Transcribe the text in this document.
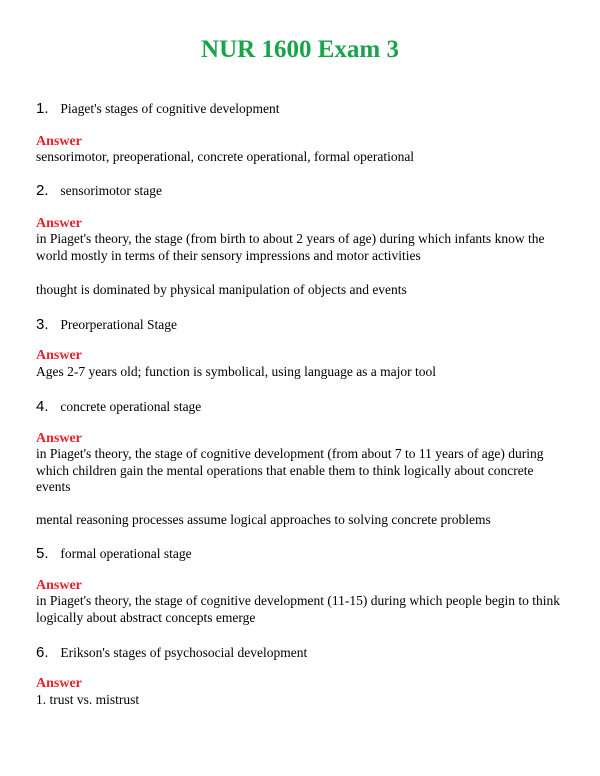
NUR 1600 Exam 3
1. Piaget's stages of cognitive development
Answer
sensorimotor, preoperational, concrete operational, formal operational
2. sensorimotor stage
Answer
in Piaget's theory, the stage (from birth to about 2 years of age) during which infants know the world mostly in terms of their sensory impressions and motor activities
thought is dominated by physical manipulation of objects and events
3. Preorperational Stage
Answer
Ages 2-7 years old; function is symbolical, using language as a major tool
4. concrete operational stage
Answer
in Piaget's theory, the stage of cognitive development (from about 7 to 11 years of age) during which children gain the mental operations that enable them to think logically about concrete events
mental reasoning processes assume logical approaches to solving concrete problems
5. formal operational stage
Answer
in Piaget's theory, the stage of cognitive development (11-15) during which people begin to think logically about abstract concepts emerge
6. Erikson's stages of psychosocial development
Answer
1. trust vs. mistrust
